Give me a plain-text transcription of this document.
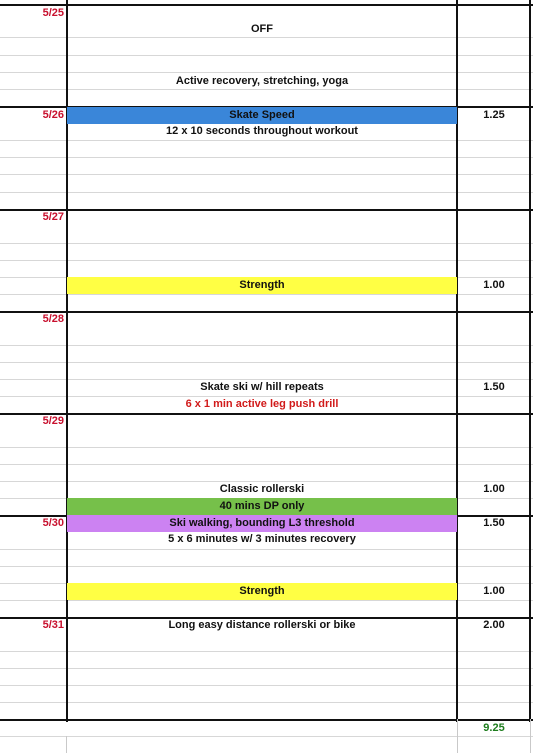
5/25
5/26
5/27
5/28
5/29
5/30
5/31
OFF
Active recovery, stretching, yoga
Skate Speed
12 x 10 seconds throughout workout
Strength
Skate ski w/ hill repeats
6 x 1 min active leg push drill
Classic rollerski
40 mins DP only
Ski walking, bounding L3 threshold
5 x 6 minutes w/ 3 minutes recovery
Strength
Long easy distance rollerski or bike
1.25
1.00
1.50
1.00
1.50
1.00
2.00
9.25
